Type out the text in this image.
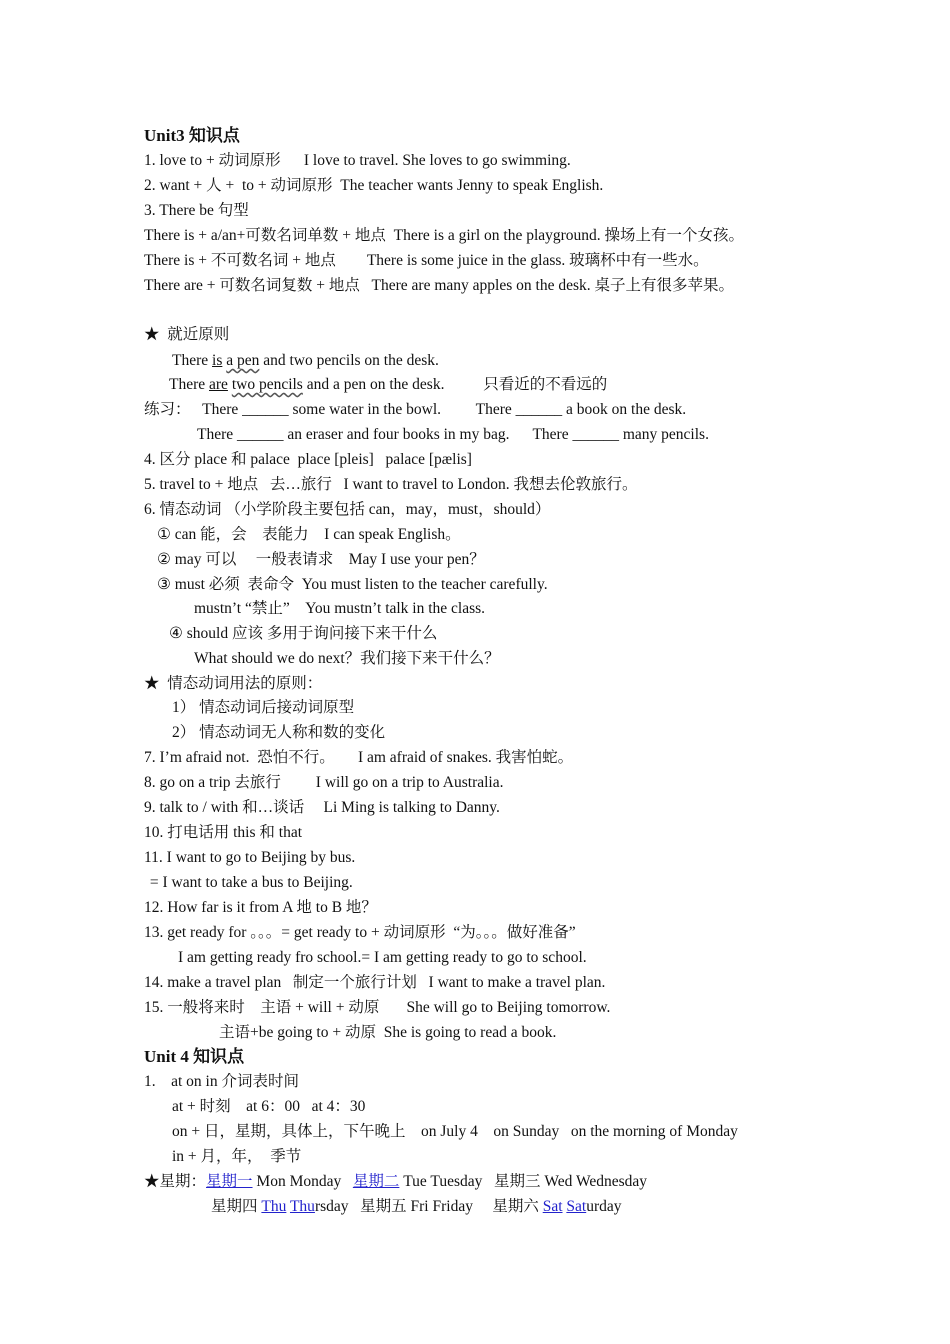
Unit3 知识点
1. love to + 动词原形      I love to travel. She loves to go swimming.
2. want + 人 +  to + 动词原形  The teacher wants Jenny to speak English.
3. There be 句型
There is + a/an+可数名词单数 + 地点  There is a girl on the playground. 操场上有一个女孩。
There is + 不可数名词 + 地点        There is some juice in the glass. 玻璃杯中有一些水。
There are + 可数名词复数 + 地点   There are many apples on the desk. 桌子上有很多苹果。
★  就近原则
There is a pen and two pencils on the desk.
There are two pencils and a pen on the desk.          只看近的不看远的
练习：   There ______ some water in the bowl.         There ______ a book on the desk.
There ______ an eraser and four books in my bag.      There ______ many pencils.
4. 区分 place 和 palace  place [pleis]   palace [pælis]
5. travel to + 地点   去…旅行   I want to travel to London. 我想去伦敦旅行。
6. 情态动词 （小学阶段主要包括 can，may，must，should）
① can 能，会    表能力    I can speak English。
② may 可以     一般表请求    May I use your pen？
③ must 必须  表命令  You must listen to the teacher carefully.
mustn’t “禁止”    You mustn’t talk in the class.
④ should 应该 多用于询问接下来干什么
What should we do next？我们接下来干什么？
★  情态动词用法的原则：
1） 情态动词后接动词原型
2） 情态动词无人称和数的变化
7. I’m afraid not.  恐怕不行。      I am afraid of snakes. 我害怕蛇。
8. go on a trip 去旅行         I will go on a trip to Australia.
9. talk to / with 和…谈话     Li Ming is talking to Danny.
10. 打电话用 this 和 that
11. I want to go to Beijing by bus.
= I want to take a bus to Beijing.
12. How far is it from A 地 to B 地？
13. get ready for 。。。= get ready to + 动词原形  “为。。。做好准备”
I am getting ready fro school.= I am getting ready to go to school.
14. make a travel plan   制定一个旅行计划   I want to make a travel plan.
15. 一般将来时    主语 + will + 动原       She will go to Beijing tomorrow.
主语+be going to + 动原  She is going to read a book.
Unit 4 知识点
1.    at on in 介词表时间
at + 时刻    at 6：00   at 4：30
on + 日，星期，具体上，下午晚上    on July 4    on Sunday   on the morning of Monday
in + 月，年，  季节
★星期：星期一 Mon Monday   星期二 Tue Tuesday   星期三 Wed Wednesday
星期四 Thu Thursday   星期五 Fri Friday     星期六 Sat Saturday
